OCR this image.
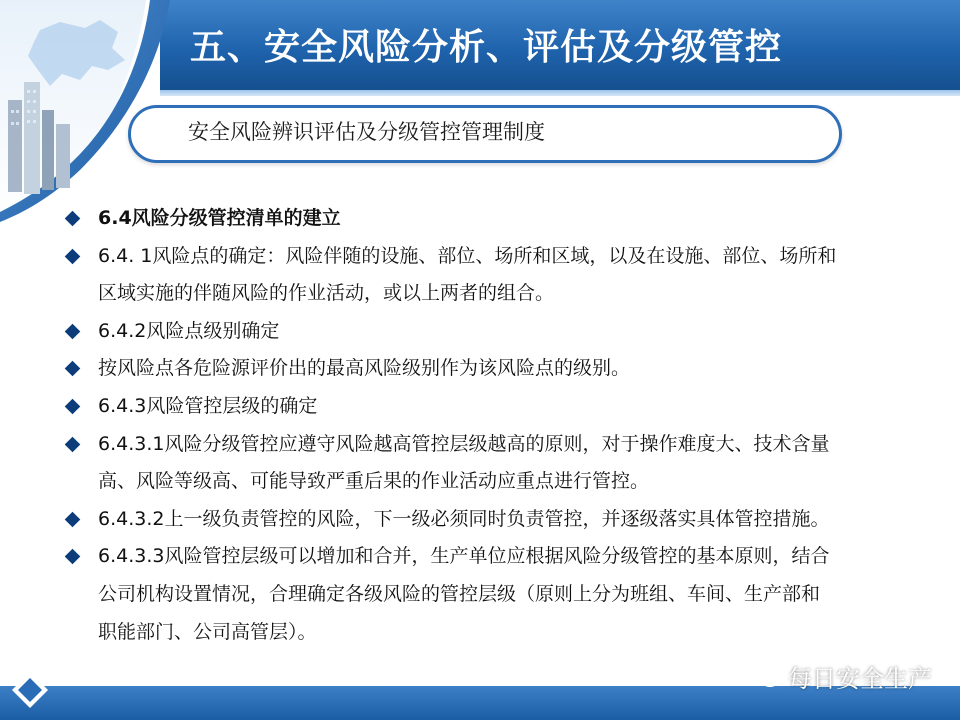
五、安全风险分析、评估及分级管控
安全风险辨识评估及分级管控管理制度
6.4风险分级管控清单的建立
6.4. 1风险点的确定：风险伴随的设施、部位、场所和区域，以及在设施、部位、场所和
区域实施的伴随风险的作业活动，或以上两者的组合。
6.4.2风险点级别确定
按风险点各危险源评价出的最高风险级别作为该风险点的级别。
6.4.3风险管控层级的确定
6.4.3.1风险分级管控应遵守风险越高管控层级越高的原则，对于操作难度大、技术含量
高、风险等级高、可能导致严重后果的作业活动应重点进行管控。
6.4.3.2上一级负责管控的风险，下一级必须同时负责管控，并逐级落实具体管控措施。
6.4.3.3风险管控层级可以增加和合并，生产单位应根据风险分级管控的基本原则，结合
公司机构设置情况，合理确定各级风险的管控层级（原则上分为班组、车间、生产部和
职能部门、公司高管层）。
每日安全生产
